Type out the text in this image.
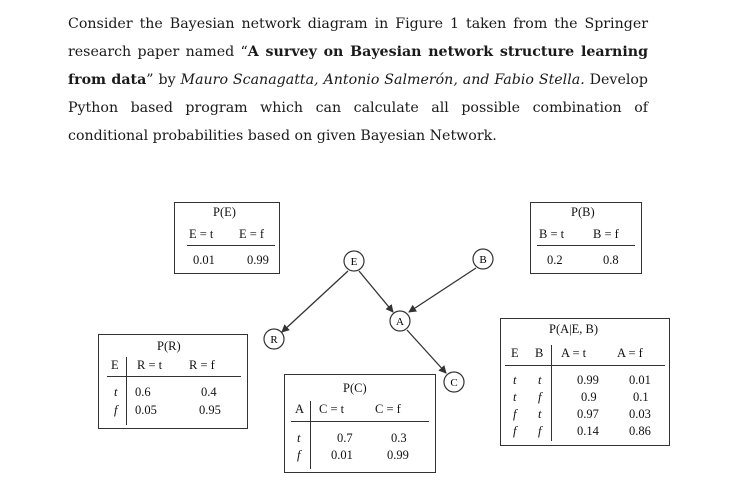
Consider the Bayesian network diagram in Figure 1 taken from the Springer research paper named “A survey on Bayesian network structure learning from data” by Mauro Scanagatta, Antonio Salmerón, and Fabio Stella. Develop Python based program which can calculate all possible combination of conditional probabilities based on given Bayesian Network.

E	B
A
R
C
P(E)
E = t E = f
0.01	0.99
P(B)
B = t B = f
0.2	0.8
P(R)
E R = t R = f
t 0.6	0.4
f 0.05	0.95
P(C)
A C = t C = f
t	0.7	0.3
f 0.01	0.99
P(A|E, B)
E B A = t A = f
t t	0.99 0.01
t f	0.9	0.1
f t	0.97 0.03
f f	0.14 0.86
